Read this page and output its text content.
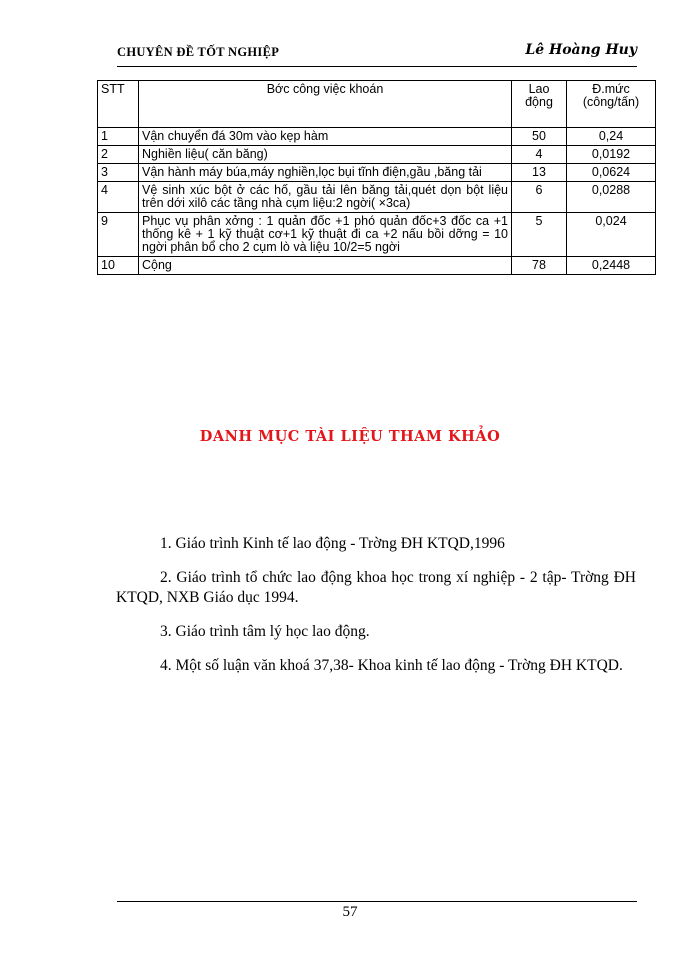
CHUYÊN ĐỀ TỐT NGHIỆP	Lê Hoàng Huy
STT	Bớc công việc khoán	Lao động	Đ.mức (công/tấn)
1	Vận chuyển đá 30m vào kẹp hàm	50	0,24
2	Nghiền liệu( căn băng)	4	0,0192
3	Vận hành máy búa,máy nghiền,lọc bụi tĩnh điện,gầu ,băng tải	13	0,0624
4	Vệ sinh xúc bột ở các hố, gầu tải lên băng tải,quét dọn bột liệu trên dới xilô các tầng nhà cụm liệu:2 ngời( ×3ca)	6	0,0288
9	Phục vụ phân xởng : 1 quản đốc +1 phó quản đốc+3 đốc ca +1 thống kê + 1 kỹ thuật cơ+1 kỹ thuật đi ca +2 nấu bồi dỡng = 10 ngời phân bổ cho 2 cụm lò và liệu 10/2=5 ngời	5	0,024
10	Cộng	78	0,2448
DANH MỤC TÀI LIỆU THAM KHẢO

1. Giáo trình Kinh tế lao động - Trờng ĐH KTQD,1996

2. Giáo trình tổ chức lao động khoa học trong xí nghiệp - 2 tập- Trờng ĐH KTQD, NXB Giáo dục 1994.

3. Giáo trình tâm lý học lao động.

4. Một số luận văn khoá 37,38- Khoa kinh tế lao động - Trờng ĐH KTQD.

57
